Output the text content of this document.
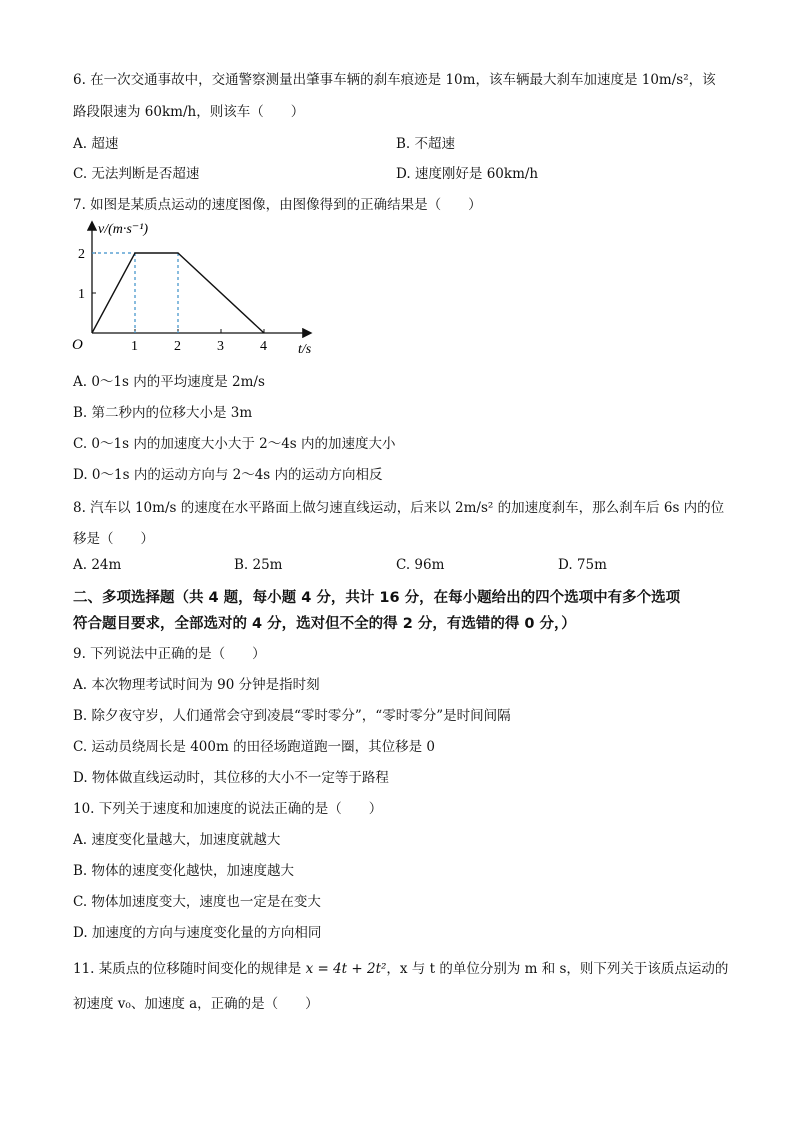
6. 在一次交通事故中，交通警察测量出肇事车辆的刹车痕迹是 10m，该车辆最大刹车加速度是 10m/s²，该
路段限速为 60km/h，则该车（　　）
A. 超速	B. 不超速
C. 无法判断是否超速	D. 速度刚好是 60km/h
7. 如图是某质点运动的速度图像，由图像得到的正确结果是（　　）
v/(m·s⁻¹)
t/s
O	1	2	3	4
1
2
A. 0～1s 内的平均速度是 2m/s
B. 第二秒内的位移大小是 3m
C. 0～1s 内的加速度大小大于 2～4s 内的加速度大小
D. 0～1s 内的运动方向与 2～4s 内的运动方向相反
8. 汽车以 10m/s 的速度在水平路面上做匀速直线运动，后来以 2m/s² 的加速度刹车，那么刹车后 6s 内的位
移是（　　）
A. 24m	B. 25m	C. 96m	D. 75m
二、多项选择题（共 4 题，每小题 4 分，共计 16 分，在每小题给出的四个选项中有多个选项
符合题目要求，全部选对的 4 分，选对但不全的得 2 分，有选错的得 0 分，）
9. 下列说法中正确的是（　　）
A. 本次物理考试时间为 90 分钟是指时刻
B. 除夕夜守岁，人们通常会守到凌晨“零时零分”，“零时零分”是时间间隔
C. 运动员绕周长是 400m 的田径场跑道跑一圈，其位移是 0
D. 物体做直线运动时，其位移的大小不一定等于路程
10. 下列关于速度和加速度的说法正确的是（　　）
A. 速度变化量越大，加速度就越大
B. 物体的速度变化越快，加速度越大
C. 物体加速度变大，速度也一定是在变大
D. 加速度的方向与速度变化量的方向相同
11. 某质点的位移随时间变化的规律是 x = 4t + 2t²，x 与 t 的单位分别为 m 和 s，则下列关于该质点运动的
初速度 v₀、加速度 a，正确的是（　　）
